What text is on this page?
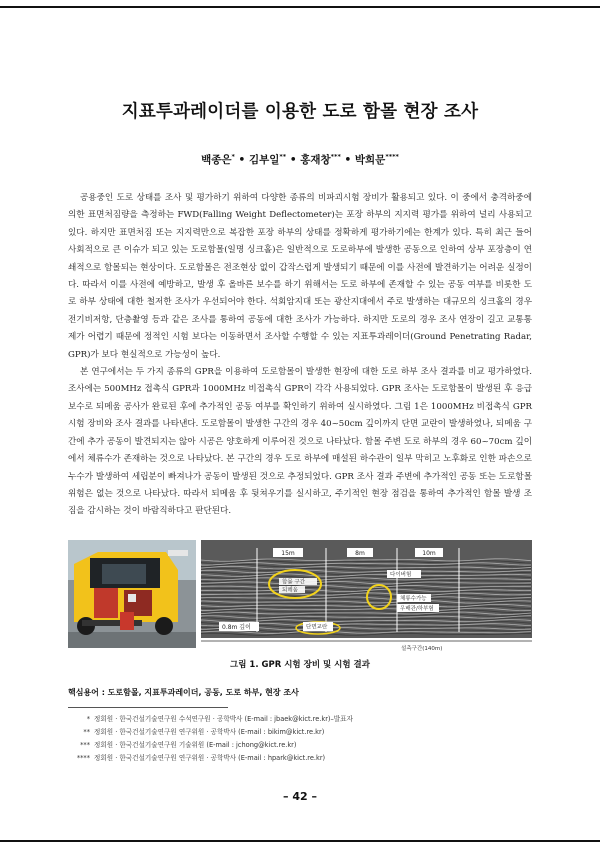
지표투과레이더를 이용한 도로 함몰 현장 조사
백종은* • 김부일** • 홍재창*** • 박희문****

공용중인 도로 상태를 조사 및 평가하기 위하여 다양한 종류의 비파괴시험 장비가 활용되고 있다. 이 중에서 충격하중에 의한 표면처짐량을 측정하는 FWD(Falling Weight Deflectometer)는 포장 하부의 지지력 평가를 위하여 널리 사용되고 있다. 하지만 표면처짐 또는 지지력만으로 복잡한 포장 하부의 상태를 정확하게 평가하기에는 한계가 있다. 특히 최근 들어 사회적으로 큰 이슈가 되고 있는 도로함몰(일명 싱크홀)은 일반적으로 도로하부에 발생한 공동으로 인하여 상부 포장층이 연쇄적으로 함몰되는 현상이다. 도로함몰은 전조현상 없이 갑작스럽게 발생되기 때문에 이를 사전에 발견하기는 어려운 실정이다. 따라서 이를 사전에 예방하고, 발생 후 올바른 보수를 하기 위해서는 도로 하부에 존재할 수 있는 공동 여부를 비롯한 도로 하부 상태에 대한 철저한 조사가 우선되어야 한다. 석회암지대 또는 광산지대에서 주로 발생하는 대규모의 싱크홀의 경우 전기비저항, 단층촬영 등과 같은 조사를 통하여 공동에 대한 조사가 가능하다. 하지만 도로의 경우 조사 연장이 길고 교통통제가 어렵기 때문에 정적인 시험 보다는 이동하면서 조사할 수행할 수 있는 지표투과레이더(Ground Penetrating Radar, GPR)가 보다 현실적으로 가능성이 높다.

본 연구에서는 두 가지 종류의 GPR을 이용하여 도로함몰이 발생한 현장에 대한 도로 하부 조사 결과를 비교 평가하였다. 조사에는 500MHz 접촉식 GPR과 1000MHz 비접촉식 GPR이 각각 사용되었다. GPR 조사는 도로함몰이 발생된 후 응급보수로 되메움 공사가 완료된 후에 추가적인 공동 여부를 확인하기 위하여 실시하였다. 그림 1은 1000MHz 비접촉식 GPR 시험 장비와 조사 결과를 나타낸다. 도로함몰이 발생한 구간의 경우 40~50cm 깊이까지 단면 교란이 발생하였나, 되메움 구간에 추가 공동이 발견되지는 않아 시공은 양호하게 이루어진 것으로 나타났다. 함몰 주변 도로 하부의 경우 60~70cm 깊이에서 체류수가 존재하는 것으로 나타났다. 본 구간의 경우 도로 하부에 매설된 하수관이 일부 막히고 노후화로 인한 파손으로 누수가 발생하여 세립분이 빠져나가 공동이 발생된 것으로 추정되었다. GPR 조사 결과 주변에 추가적인 공동 또는 도로함몰 위험은 없는 것으로 나타났다. 따라서 되메움 후 뒷쳐우기를 실시하고, 주기적인 현장 점검을 통하여 추가적인 함몰 발생 조짐을 감시하는 것이 바람직하다고 판단된다.

15m	8m	10m
함몰 구간
되메움
다이버험
체류수가능
우배관/하부험
0.8m 깊이	단면교란
설측구간(140m)
그림 1. GPR 시험 장비 및 시험 결과
핵심용어 : 도로함몰, 지표투과레이더, 공동, 도로 하부, 현장 조사
* 정회원 · 한국건설기술연구원 수석연구원 · 공학박사 (E-mail : jbaek@kict.re.kr)–발표자
** 정회원 · 한국건설기술연구원 연구위원 · 공학박사 (E-mail : bikim@kict.re.kr)
*** 정회원 · 한국건설기술연구원 기술위원 (E-mail : jchong@kict.re.kr)
**** 정회원 · 한국건설기술연구원 연구위원 · 공학박사 (E-mail : hpark@kict.re.kr)
– 42 –
